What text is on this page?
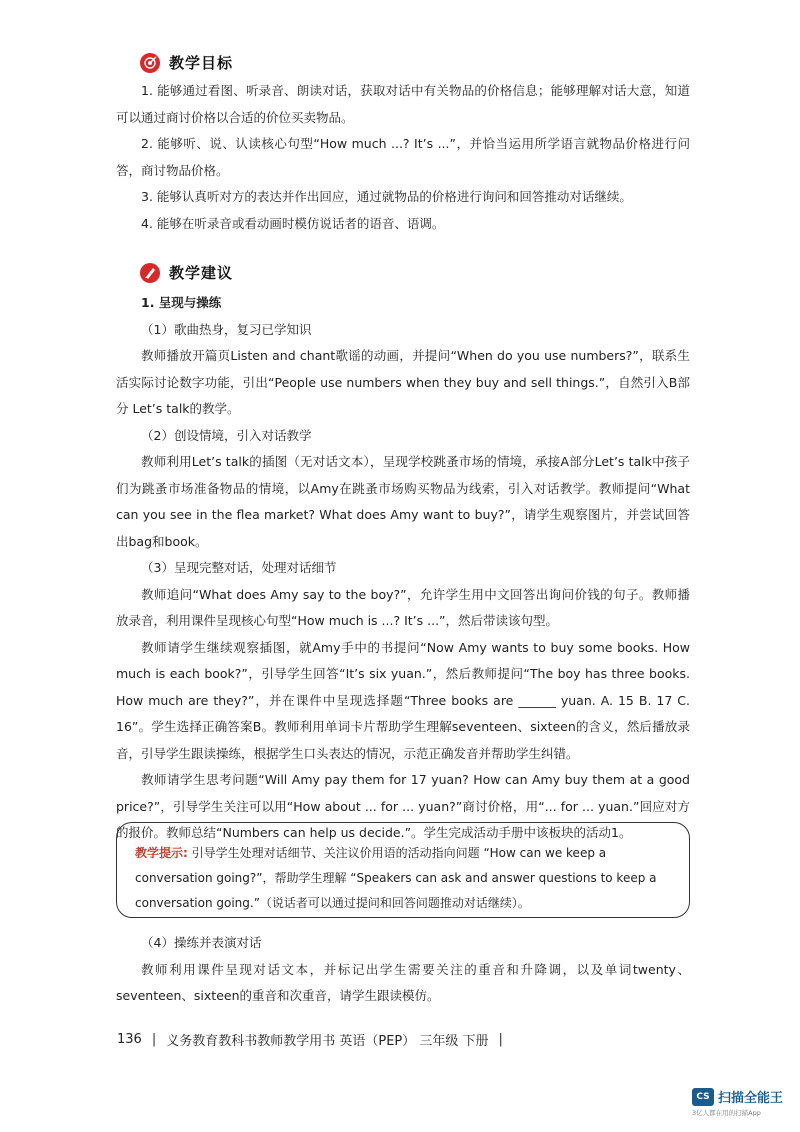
教学目标

1. 能够通过看图、听录音、朗读对话，获取对话中有关物品的价格信息；能够理解对话大意，知道可以通过商讨价格以合适的价位买卖物品。

2. 能够听、说、认读核心句型“How much ...? It’s ...”，并恰当运用所学语言就物品价格进行问答，商讨物品价格。

3. 能够认真听对方的表达并作出回应，通过就物品的价格进行询问和回答推动对话继续。

4. 能够在听录音或看动画时模仿说话者的语音、语调。

教学建议

1. 呈现与操练

（1）歌曲热身，复习已学知识

教师播放开篇页Listen and chant歌谣的动画，并提问“When do you use numbers?”，联系生活实际讨论数字功能，引出“People use numbers when they buy and sell things.”，自然引入B部分 Let’s talk的教学。

（2）创设情境，引入对话教学

教师利用Let’s talk的插图（无对话文本），呈现学校跳蚤市场的情境，承接A部分Let’s talk中孩子们为跳蚤市场准备物品的情境，以Amy在跳蚤市场购买物品为线索，引入对话教学。教师提问“What can you see in the flea market? What does Amy want to buy?”，请学生观察图片，并尝试回答出bag和book。

（3）呈现完整对话，处理对话细节

教师追问“What does Amy say to the boy?”，允许学生用中文回答出询问价钱的句子。教师播放录音，利用课件呈现核心句型“How much is ...? It’s ...”，然后带读该句型。

教师请学生继续观察插图，就Amy手中的书提问“Now Amy wants to buy some books. How much is each book?”，引导学生回答“It’s six yuan.”，然后教师提问“The boy has three books. How much are they?”，并在课件中呈现选择题“Three books are ______ yuan. A. 15 B. 17 C. 16”。学生选择正确答案B。教师利用单词卡片帮助学生理解seventeen、sixteen的含义，然后播放录音，引导学生跟读操练，根据学生口头表达的情况，示范正确发音并帮助学生纠错。

教师请学生思考问题“Will Amy pay them for 17 yuan? How can Amy buy them at a good price?”，引导学生关注可以用“How about ... for ... yuan?”商讨价格，用“... for ... yuan.”回应对方的报价。教师总结“Numbers can help us decide.”。学生完成活动手册中该板块的活动1。

教学提示: 引导学生处理对话细节、关注议价用语的活动指向问题 “How can we keep a conversation going?”，帮助学生理解 “Speakers can ask and answer questions to keep a conversation going.”（说话者可以通过提问和回答问题推动对话继续）。

（4）操练并表演对话

教师利用课件呈现对话文本，并标记出学生需要关注的重音和升降调，以及单词twenty、seventeen、sixteen的重音和次重音，请学生跟读模仿。

136 | 义务教育教科书教师教学用书 英语（PEP） 三年级 下册 |
CS 扫描全能王
3亿人都在用的扫描App
